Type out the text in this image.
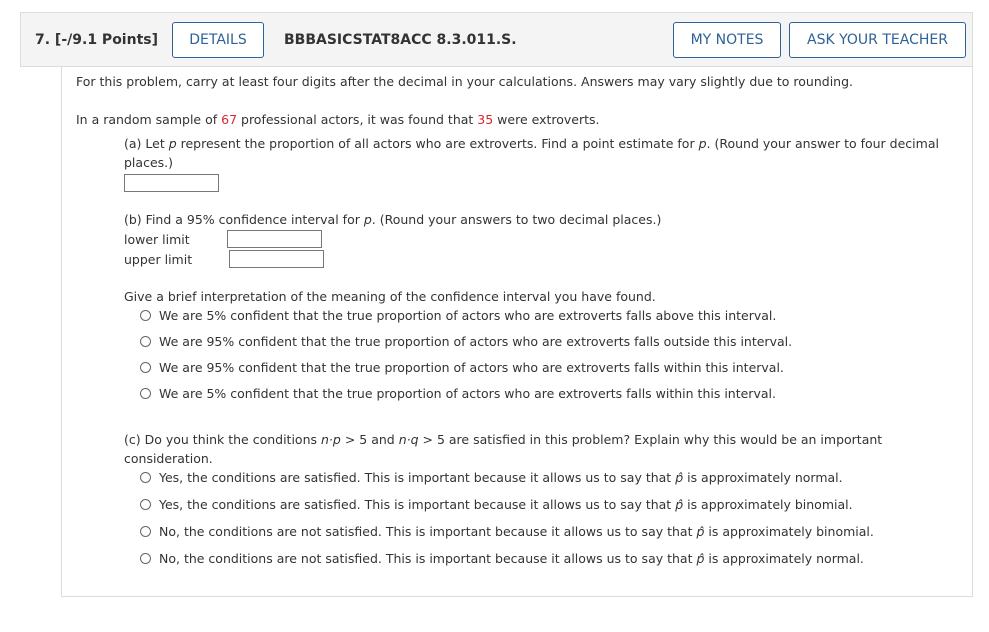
7. [-/9.1 Points]	DETAILS	BBBASICSTAT8ACC 8.3.011.S.	MY NOTES	ASK YOUR TEACHER
For this problem, carry at least four digits after the decimal in your calculations. Answers may vary slightly due to rounding.
In a random sample of 67 professional actors, it was found that 35 were extroverts.
(a) Let p represent the proportion of all actors who are extroverts. Find a point estimate for p. (Round your answer to four decimal
places.)
(b) Find a 95% confidence interval for p. (Round your answers to two decimal places.)
lower limit
upper limit
Give a brief interpretation of the meaning of the confidence interval you have found.
We are 5% confident that the true proportion of actors who are extroverts falls above this interval.
We are 95% confident that the true proportion of actors who are extroverts falls outside this interval.
We are 95% confident that the true proportion of actors who are extroverts falls within this interval.
We are 5% confident that the true proportion of actors who are extroverts falls within this interval.
(c) Do you think the conditions n·p > 5 and n·q > 5 are satisfied in this problem? Explain why this would be an important
consideration.
Yes, the conditions are satisfied. This is important because it allows us to say that p̂ is approximately normal.
Yes, the conditions are satisfied. This is important because it allows us to say that p̂ is approximately binomial.
No, the conditions are not satisfied. This is important because it allows us to say that p̂ is approximately binomial.
No, the conditions are not satisfied. This is important because it allows us to say that p̂ is approximately normal.
